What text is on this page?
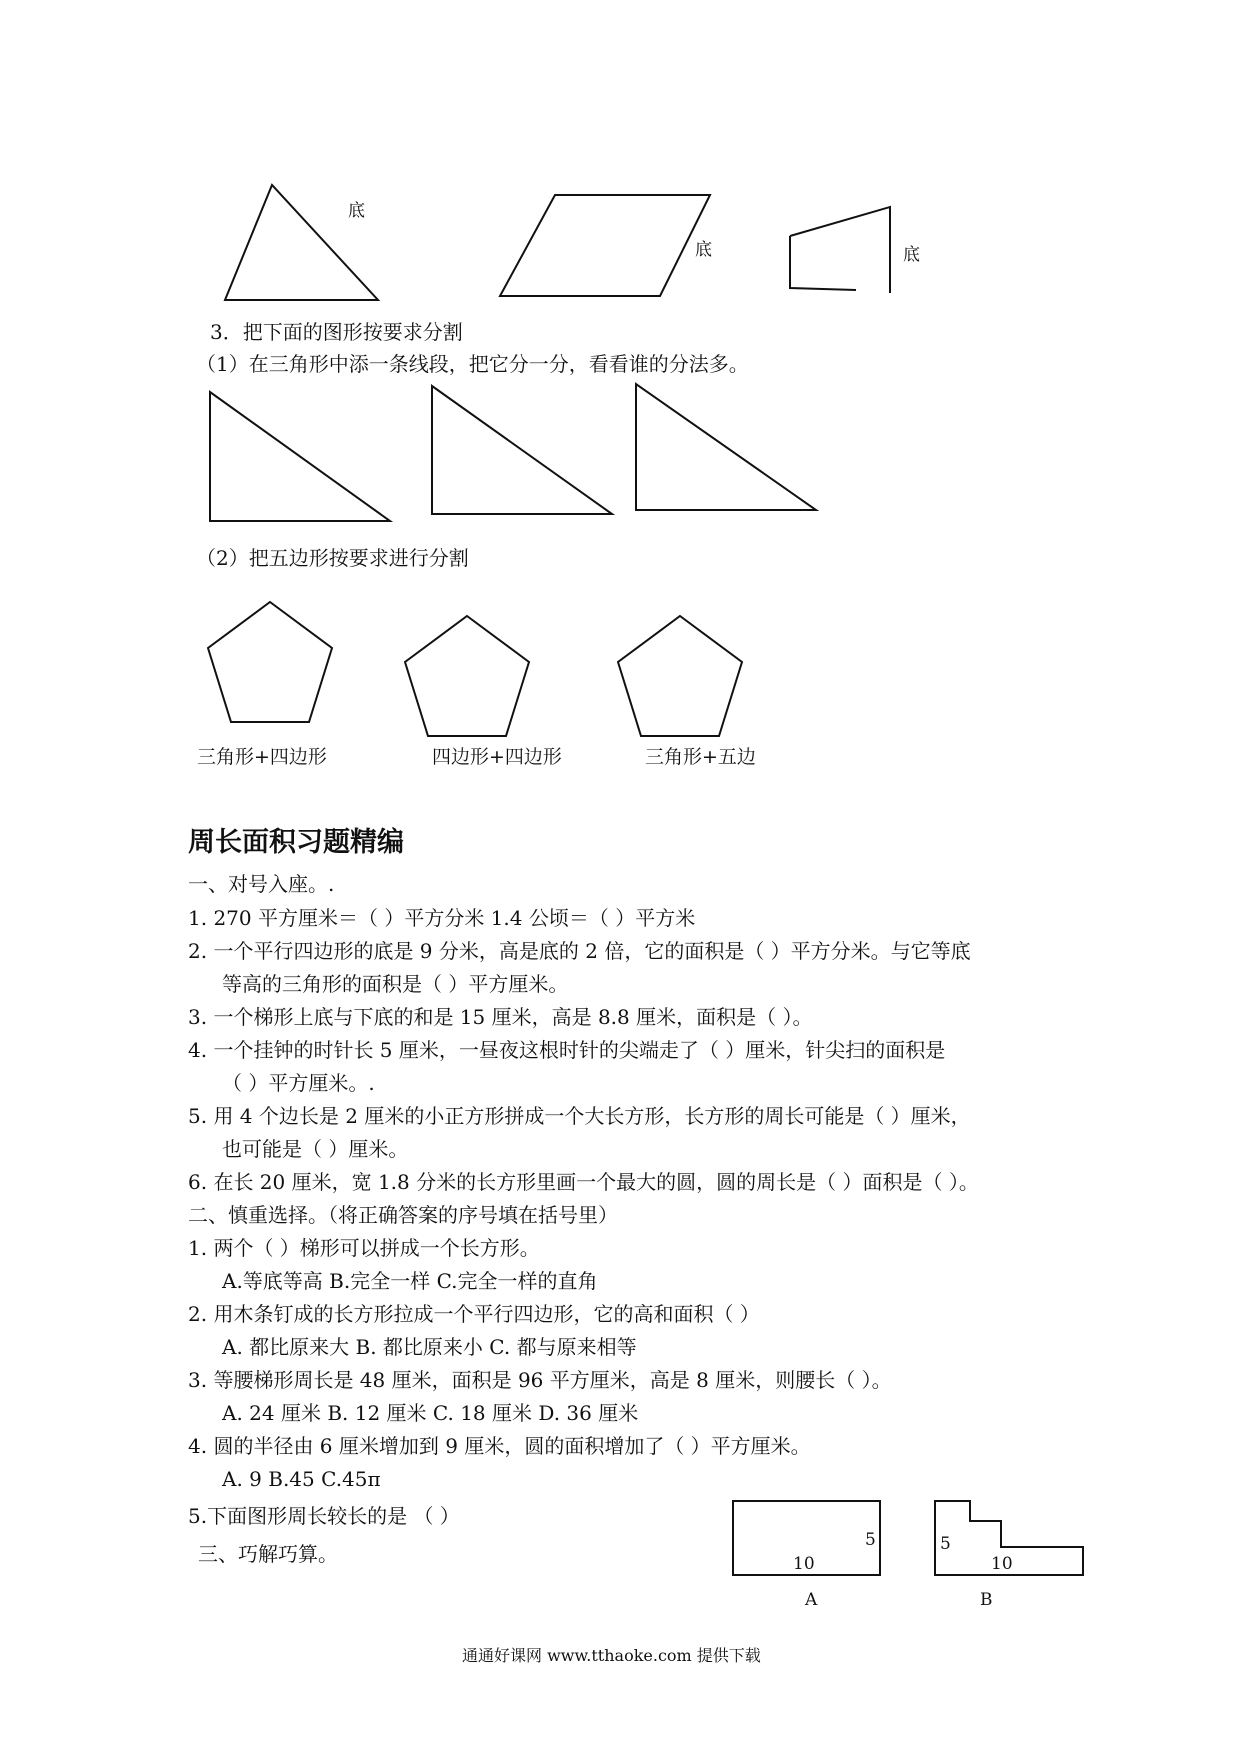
底
底	底
3．把下面的图形按要求分割
（1）在三角形中添一条线段，把它分一分，看看谁的分法多。
（2）把五边形按要求进行分割
三角形+四边形	四边形+四边形	三角形+五边
周长面积习题精编
一、对号入座。.
1. 270 平方厘米＝（ ）平方分米 1.4 公顷＝（ ）平方米
2. 一个平行四边形的底是 9 分米，高是底的 2 倍，它的面积是（ ）平方分米。与它等底
等高的三角形的面积是（ ）平方厘米。
3. 一个梯形上底与下底的和是 15 厘米，高是 8.8 厘米，面积是（ ）。
4. 一个挂钟的时针长 5 厘米，一昼夜这根时针的尖端走了（ ）厘米，针尖扫的面积是
（ ）平方厘米。.
5. 用 4 个边长是 2 厘米的小正方形拼成一个大长方形，长方形的周长可能是（ ）厘米，
也可能是（ ）厘米。
6. 在长 20 厘米，宽 1.8 分米的长方形里画一个最大的圆，圆的周长是（ ）面积是（ ）。
二、慎重选择。（将正确答案的序号填在括号里）
1. 两个（ ）梯形可以拼成一个长方形。
A.等底等高 B.完全一样 C.完全一样的直角
2. 用木条钉成的长方形拉成一个平行四边形，它的高和面积（ ）
A. 都比原来大 B. 都比原来小 C. 都与原来相等
3. 等腰梯形周长是 48 厘米，面积是 96 平方厘米，高是 8 厘米，则腰长（ ）。
A. 24 厘米 B. 12 厘米 C. 18 厘米 D. 36 厘米
4. 圆的半径由 6 厘米增加到 9 厘米，圆的面积增加了（ ）平方厘米。
A. 9 B.45 C.45π
5.下面图形周长较长的是 （ ）
10
5
A
10
5
B
三、巧解巧算。
通通好课网 www.tthaoke.com 提供下载
